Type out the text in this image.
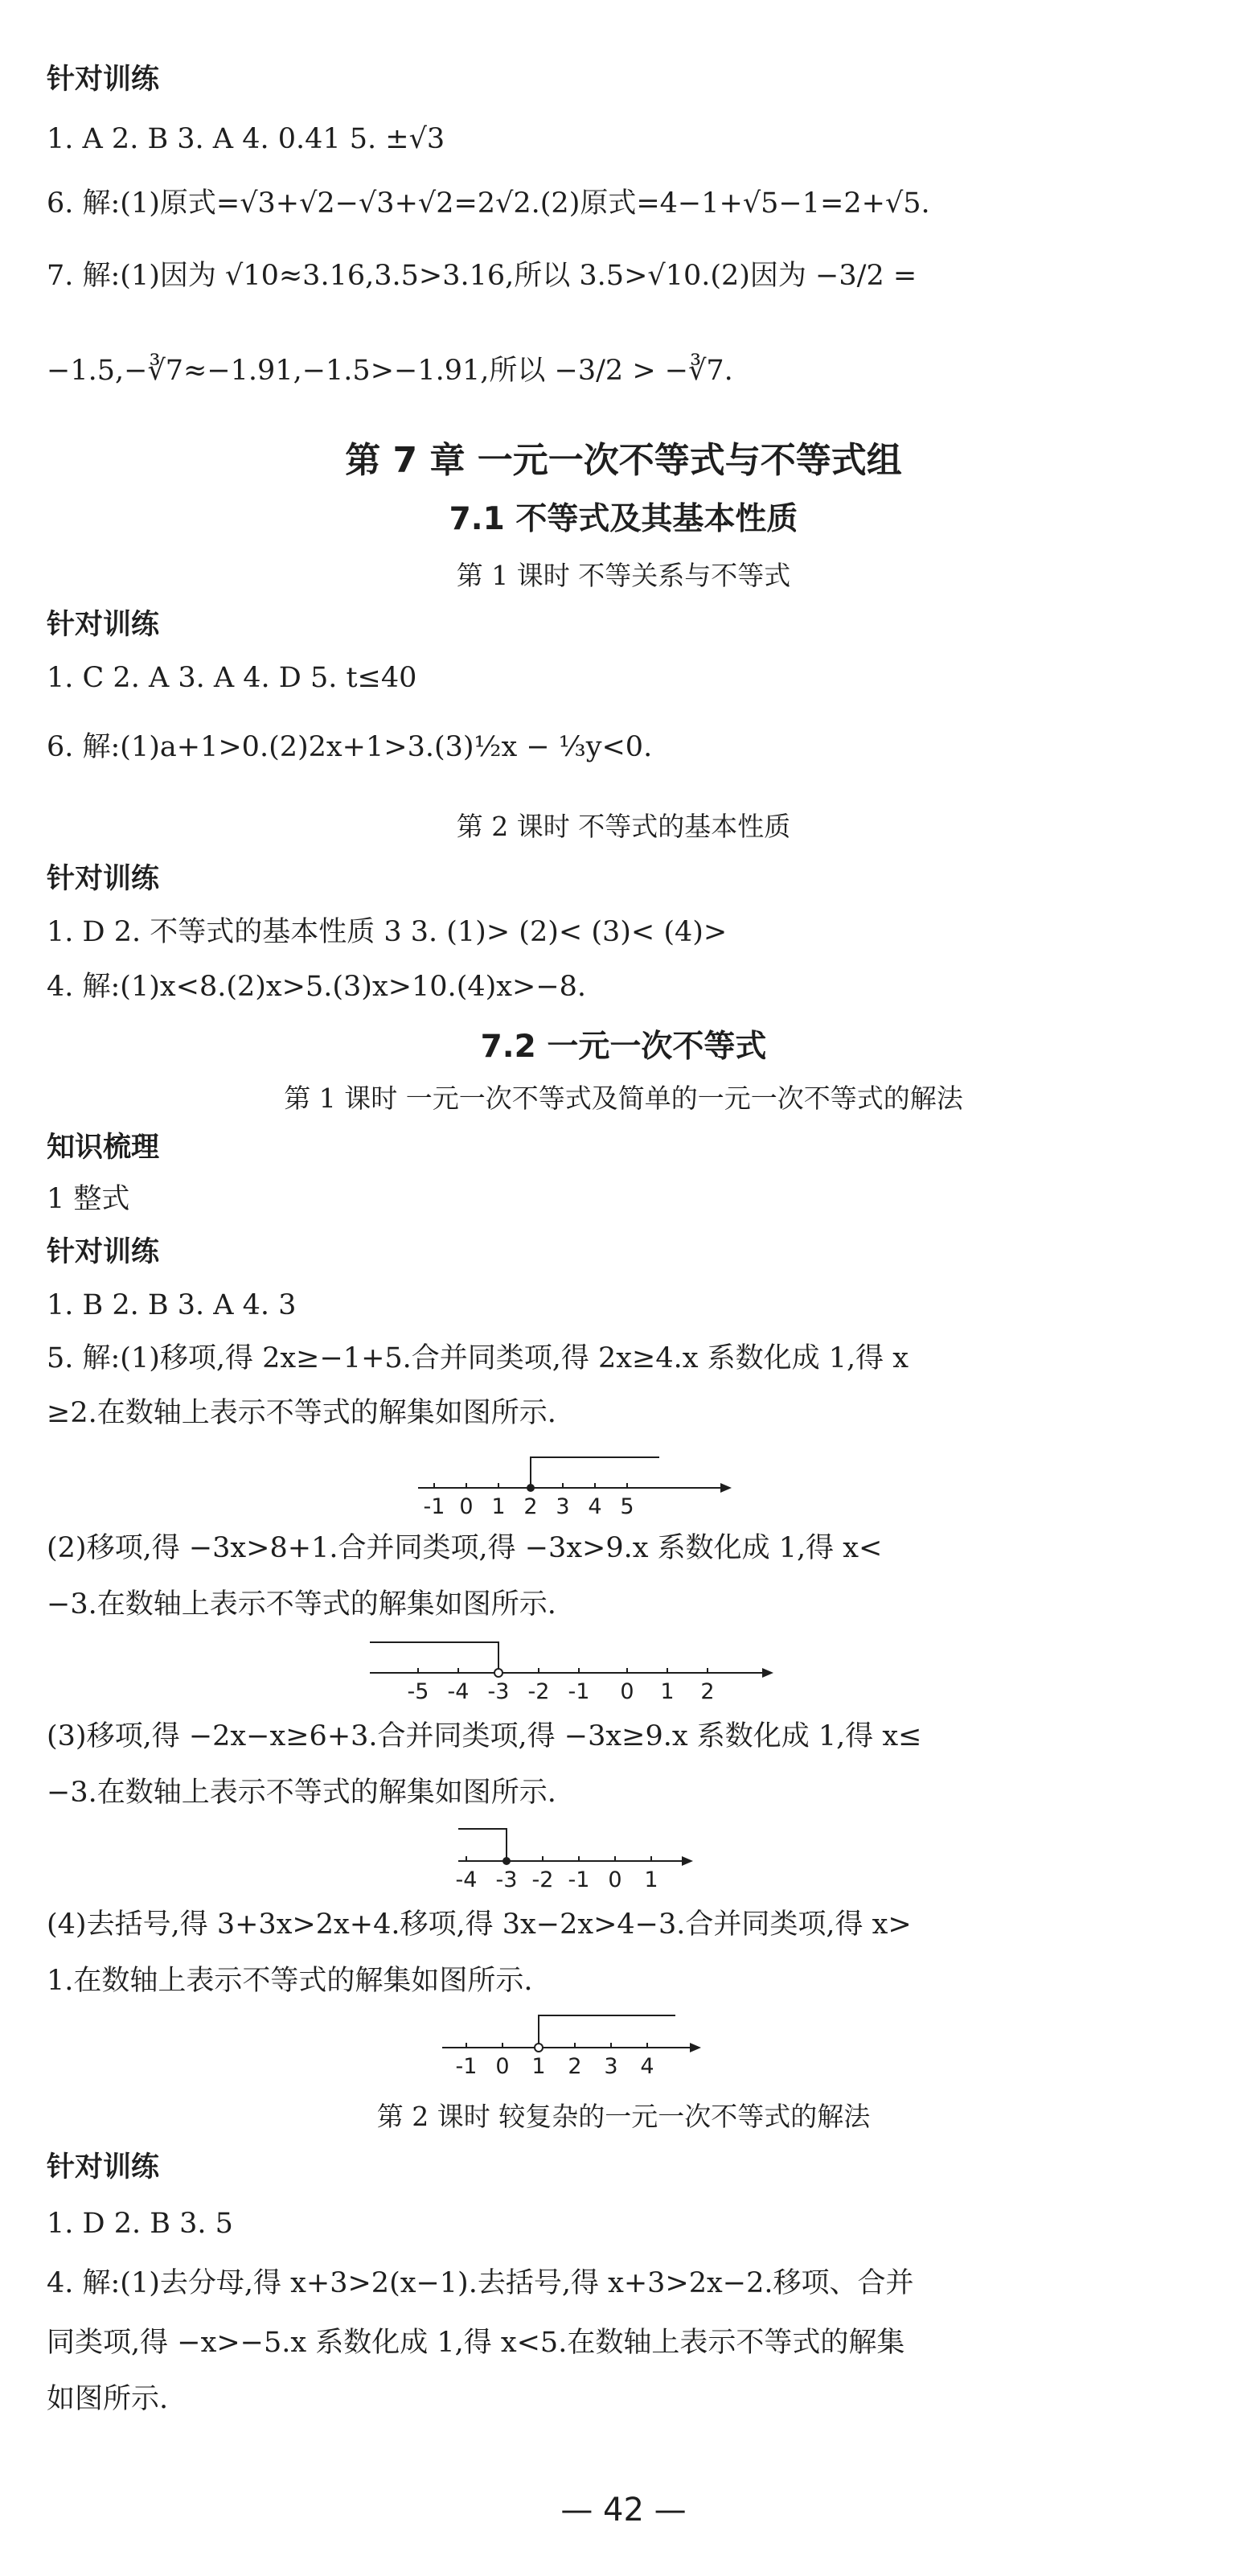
针对训练
1. A 2. B 3. A 4. 0.41 5. ±√3
6. 解:(1)原式=√3+√2−√3+√2=2√2.(2)原式=4−1+√5−1=2+√5.
7. 解:(1)因为 √10≈3.16,3.5>3.16,所以 3.5>√10.(2)因为 −3/2 =
−1.5,−∛7≈−1.91,−1.5>−1.91,所以 −3/2 > −∛7.
第 7 章 一元一次不等式与不等式组
7.1 不等式及其基本性质
第 1 课时 不等关系与不等式
针对训练
1. C 2. A 3. A 4. D 5. t≤40
6. 解:(1)a+1>0.(2)2x+1>3.(3)½x − ⅓y<0.
第 2 课时 不等式的基本性质
针对训练
1. D 2. 不等式的基本性质 3 3. (1)> (2)< (3)< (4)>
4. 解:(1)x<8.(2)x>5.(3)x>10.(4)x>−8.
7.2 一元一次不等式
第 1 课时 一元一次不等式及简单的一元一次不等式的解法
知识梳理
1 整式
针对训练
1. B 2. B 3. A 4. 3
5. 解:(1)移项,得 2x≥−1+5.合并同类项,得 2x≥4.x 系数化成 1,得 x
≥2.在数轴上表示不等式的解集如图所示.
-1 0 1 2 3 4 5
(2)移项,得 −3x>8+1.合并同类项,得 −3x>9.x 系数化成 1,得 x<
−3.在数轴上表示不等式的解集如图所示.
-5 -4 -3 -2 -1 0 1 2
(3)移项,得 −2x−x≥6+3.合并同类项,得 −3x≥9.x 系数化成 1,得 x≤
−3.在数轴上表示不等式的解集如图所示.
-4 -3 -2 -1 0 1
(4)去括号,得 3+3x>2x+4.移项,得 3x−2x>4−3.合并同类项,得 x>
1.在数轴上表示不等式的解集如图所示.
-1 0 1 2 3 4
第 2 课时 较复杂的一元一次不等式的解法
针对训练
1. D 2. B 3. 5
4. 解:(1)去分母,得 x+3>2(x−1).去括号,得 x+3>2x−2.移项、合并
同类项,得 −x>−5.x 系数化成 1,得 x<5.在数轴上表示不等式的解集
如图所示.
— 42 —
